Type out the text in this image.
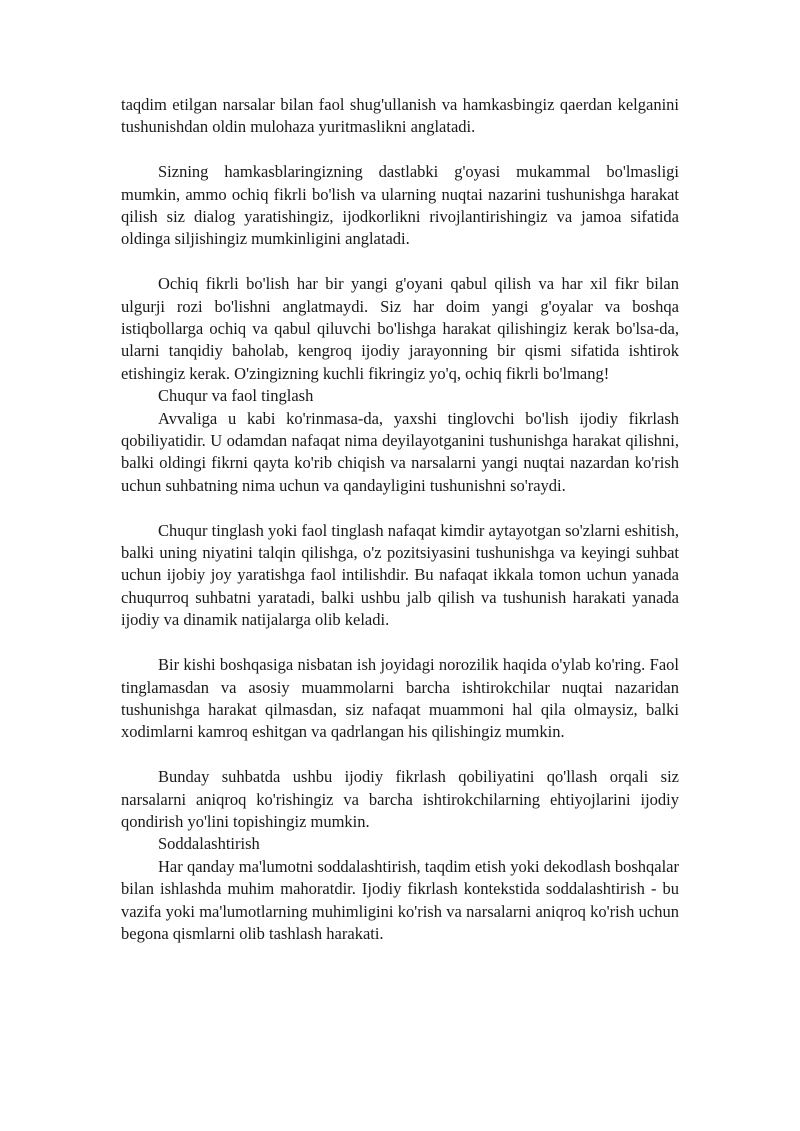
taqdim etilgan narsalar bilan faol shug'ullanish va hamkasbingiz qaerdan kelganini tushunishdan oldin mulohaza yuritmaslikni anglatadi.

Sizning hamkasblaringizning dastlabki g'oyasi mukammal bo'lmasligi mumkin, ammo ochiq fikrli bo'lish va ularning nuqtai nazarini tushunishga harakat qilish siz dialog yaratishingiz, ijodkorlikni rivojlantirishingiz va jamoa sifatida oldinga siljishingiz mumkinligini anglatadi.

Ochiq fikrli bo'lish har bir yangi g'oyani qabul qilish va har xil fikr bilan ulgurji rozi bo'lishni anglatmaydi. Siz har doim yangi g'oyalar va boshqa istiqbollarga ochiq va qabul qiluvchi bo'lishga harakat qilishingiz kerak bo'lsa-da, ularni tanqidiy baholab, kengroq ijodiy jarayonning bir qismi sifatida ishtirok etishingiz kerak. O'zingizning kuchli fikringiz yo'q, ochiq fikrli bo'lmang!

Chuqur va faol tinglash

Avvaliga u kabi ko'rinmasa-da, yaxshi tinglovchi bo'lish ijodiy fikrlash qobiliyatidir. U odamdan nafaqat nima deyilayotganini tushunishga harakat qilishni, balki oldingi fikrni qayta ko'rib chiqish va narsalarni yangi nuqtai nazardan ko'rish uchun suhbatning nima uchun va qandayligini tushunishni so'raydi.

Chuqur tinglash yoki faol tinglash nafaqat kimdir aytayotgan so'zlarni eshitish, balki uning niyatini talqin qilishga, o'z pozitsiyasini tushunishga va keyingi suhbat uchun ijobiy joy yaratishga faol intilishdir. Bu nafaqat ikkala tomon uchun yanada chuqurroq suhbatni yaratadi, balki ushbu jalb qilish va tushunish harakati yanada ijodiy va dinamik natijalarga olib keladi.

Bir kishi boshqasiga nisbatan ish joyidagi norozilik haqida o'ylab ko'ring. Faol tinglamasdan va asosiy muammolarni barcha ishtirokchilar nuqtai nazaridan tushunishga harakat qilmasdan, siz nafaqat muammoni hal qila olmaysiz, balki xodimlarni kamroq eshitgan va qadrlangan his qilishingiz mumkin.

Bunday suhbatda ushbu ijodiy fikrlash qobiliyatini qo'llash orqali siz narsalarni aniqroq ko'rishingiz va barcha ishtirokchilarning ehtiyojlarini ijodiy qondirish yo'lini topishingiz mumkin.

Soddalashtirish

Har qanday ma'lumotni soddalashtirish, taqdim etish yoki dekodlash boshqalar bilan ishlashda muhim mahoratdir. Ijodiy fikrlash kontekstida soddalashtirish - bu vazifa yoki ma'lumotlarning muhimligini ko'rish va narsalarni aniqroq ko'rish uchun begona qismlarni olib tashlash harakati.
